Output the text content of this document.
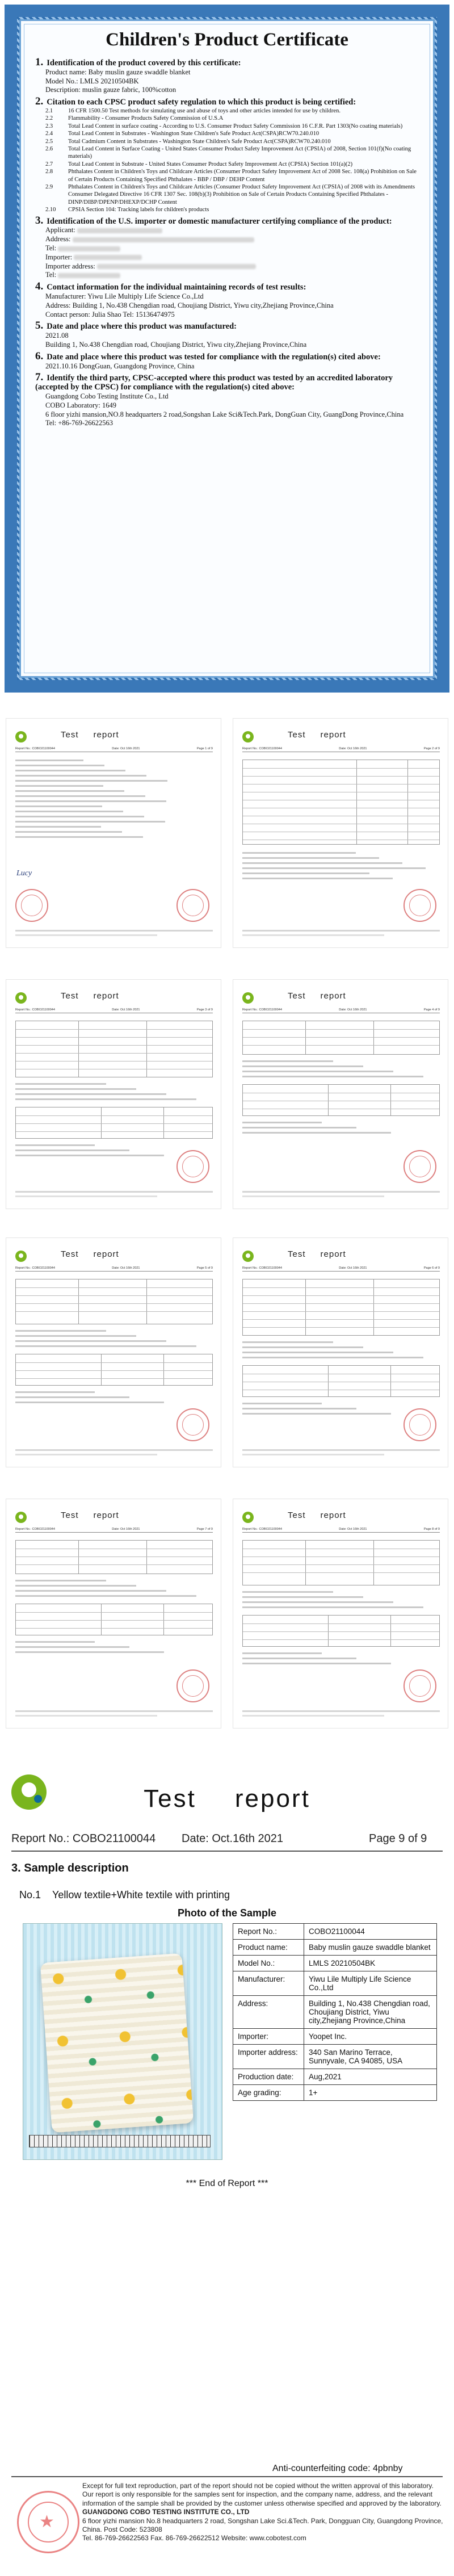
Children's Product Certificate
1. Identification of the product covered by this certificate:
Product name: Baby muslin gauze swaddle blanket
Model No.: LMLS 20210504BK
Description: muslin gauze fabric, 100%cotton
2. Citation to each CPSC product safety regulation to which this product is being certified:
2.1	16 CFR 1500.50 Test methods for simulating use and abuse of toys and other articles intended for use by children.
2.2	Flammability - Consumer Products Safety Commission of U.S.A
2.3	Total Lead Content in surface coating - According to U.S. Consumer Product Safety Commission 16 C.F.R. Part 1303(No coating materials)
2.4	Total Lead Content in Substrates - Washington State Children's Safe Product Act(CSPA)RCW70.240.010
2.5	Total Cadmium Content in Substrates - Washington State Children's Safe Product Act(CSPA)RCW70.240.010
2.6	Total Lead Content in Surface Coating - United States Consumer Product Safety Improvement Act (CPSIA) of 2008, Section 101(f)(No coating materials)
2.7	Total Lead Content in Substrate - United States Consumer Product Safety Improvement Act (CPSIA) Section 101(a)(2)
2.8	Phthalates Content in Children's Toys and Childcare Articles (Consumer Product Safety Improvement Act of 2008 Sec. 108(a) Prohibition on Sale of Certain Products Containing Specified Phthalates - BBP / DBP / DEHP Content
2.9	Phthalates Content in Children's Toys and Childcare Articles (Consumer Product Safety Improvement Act (CPSIA) of 2008 with its Amendments Consumer Delegated Directive 16 CFR 1307 Sec. 108(b)(3) Prohibition on Sale of Certain Products Containing Specified Phthalates - DINP/DIBP/DPENP/DHEXP/DCHP Content
2.10	CPSIA Section 104: Tracking labels for children's products
3. Identification of the U.S. importer or domestic manufacturer certifying compliance of the product:
Applicant:
Address:
Tel:
Importer:
Importer address:
Tel:
4. Contact information for the individual maintaining records of test results:
Manufacturer: Yiwu Lile Multiply Life Science Co.,Ltd
Address: Building 1, No.438 Chengdian road, Choujiang District, Yiwu city,Zhejiang Province,China
Contact person: Julia Shao Tel: 15136474975
5. Date and place where this product was manufactured:
2021.08
Building 1, No.438 Chengdian road, Choujiang District, Yiwu city,Zhejiang Province,China
6. Date and place where this product was tested for compliance with the regulation(s) cited above:
2021.10.16 DongGuan, Guangdong Province, China
7. Identify the third party, CPSC-accepted where this product was tested by an accredited laboratory (accepted by the CPSC) for compliance with the regulation(s) cited above:
Guangdong Cobo Testing Institute Co., Ltd
COBO Laboratory: 1649
6 floor yizhi mansion,NO.8 headquarters 2 road,Songshan Lake Sci&Tech.Park, DongGuan City, GuangDong Province,China
Tel: +86-769-26622563
Test report
Report No.: COBO21100044	Date: Oct 16th 2021	Page 1 of 9
Lucy
Test report
Report No.: COBO21100044	Date: Oct 16th 2021	Page 2 of 9
Test report
Report No.: COBO21100044	Date: Oct 16th 2021	Page 3 of 9
Test report
Report No.: COBO21100044	Date: Oct 16th 2021	Page 4 of 9
Test report
Report No.: COBO21100044	Date: Oct 16th 2021	Page 5 of 9
Test report
Report No.: COBO21100044	Date: Oct 16th 2021	Page 6 of 9
Test report
Report No.: COBO21100044	Date: Oct 16th 2021	Page 7 of 9
Test report
Report No.: COBO21100044	Date: Oct 16th 2021	Page 8 of 9
Test report
Report No.: COBO21100044 Date: Oct.16th 2021	Page 9 of 9
3. Sample description
No.1 Yellow textile+White textile with printing
Photo of the Sample
Report No.:	COBO21100044
Product name:	Baby muslin gauze swaddle blanket
Model No.:	LMLS 20210504BK
Manufacturer:	Yiwu Lile Multiply Life Science Co.,Ltd
Address:	Building 1, No.438 Chengdian road, Choujiang District, Yiwu city,Zhejiang Province,China
Importer:	Yoopet Inc.
Importer address:	340 San Marino Terrace, Sunnyvale, CA 94085, USA
Production date:	Aug,2021
Age grading:	1+
*** End of Report ***
Anti-counterfeiting code: 4pbnby
★
Except for full text reproduction, part of the report should not be copied without the written approval of this laboratory. Our report is only responsible for the samples sent for inspection, and the company name, address, and the relevant information of the sample shall be provided by the customer unless otherwise specified and approved by the laboratory.
GUANGDONG COBO TESTING INSTITUTE CO., LTD
6 floor yizhi mansion No.8 headquarters 2 road, Songshan Lake Sci.&Tech. Park, Dongguan City, Guangdong Province, China. Post Code: 523808
Tel. 86-769-26622563 Fax. 86-769-26622512 Website: www.cobotest.com
